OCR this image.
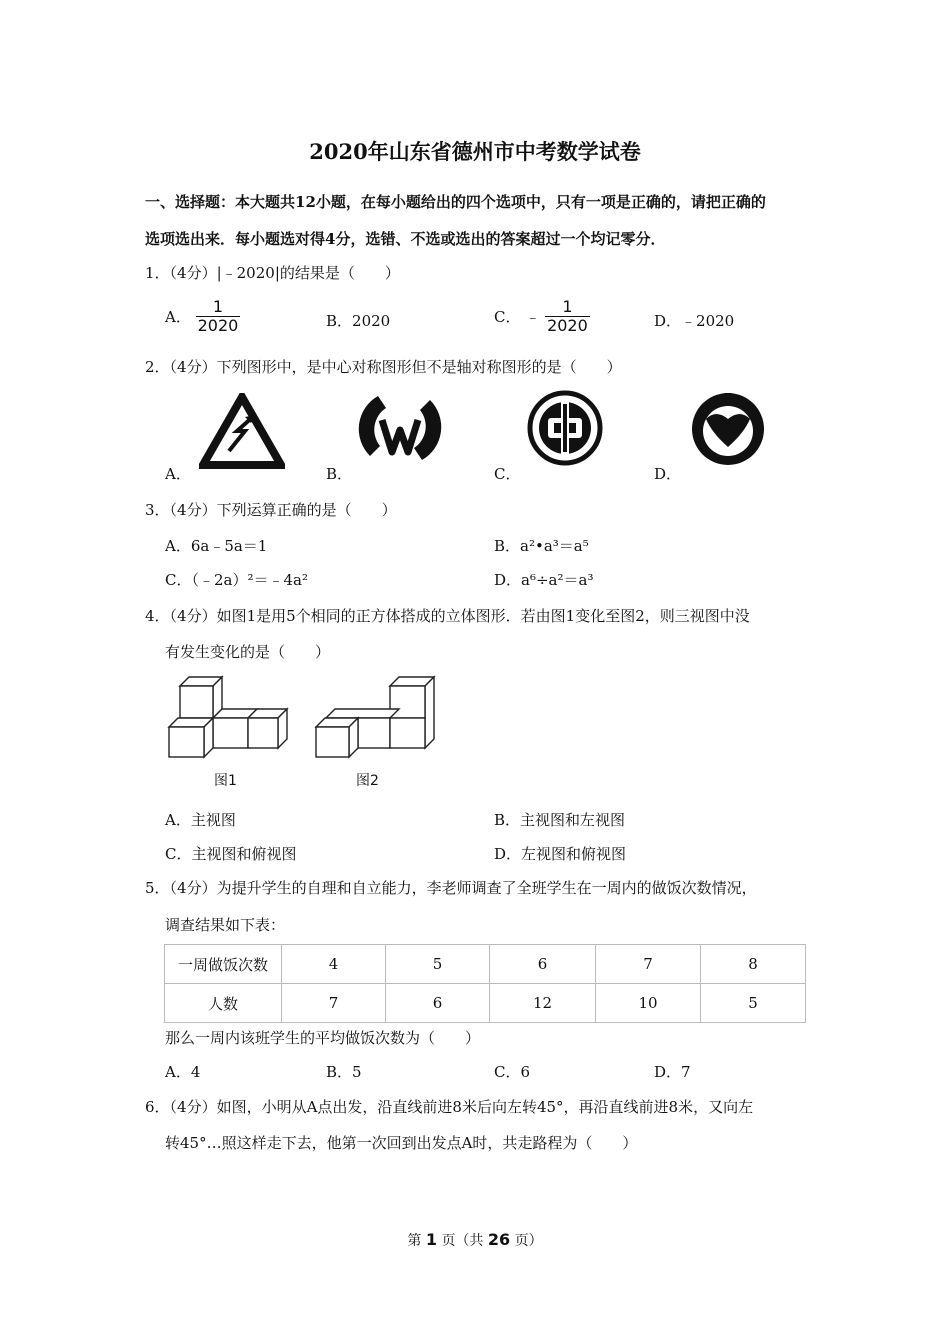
2020年山东省德州市中考数学试卷
一、选择题：本大题共12小题，在每小题给出的四个选项中，只有一项是正确的，请把正确的
选项选出来．每小题选对得4分，选错、不选或选出的答案超过一个均记零分．
1．（4分）|﹣2020|的结果是（　　）
A． $\frac{1}{2020}$	B．2020	C． ﹣ $\frac{1}{2020}$	D．﹣2020
2．（4分）下列图形中，是中心对称图形但不是轴对称图形的是（　　）
A．	B．	C．	D．
3．（4分）下列运算正确的是（　　）
A．6a﹣5a＝1	B．a²•a³＝a⁵
C．（﹣2a）²＝﹣4a²	D．a⁶÷a²＝a³
4．（4分）如图1是用5个相同的正方体搭成的立体图形．若由图1变化至图2，则三视图中没
有发生变化的是（　　）
图1	图2
A．主视图	B．主视图和左视图
C．主视图和俯视图	D．左视图和俯视图
5．（4分）为提升学生的自理和自立能力，李老师调查了全班学生在一周内的做饭次数情况，
调查结果如下表：
一周做饭次数	4	5	6	7	8
人数	7	6	12	10	5
那么一周内该班学生的平均做饭次数为（　　）
A．4	B．5	C．6	D．7
6．（4分）如图，小明从A点出发，沿直线前进8米后向左转45°，再沿直线前进8米，又向左
转45°…照这样走下去，他第一次回到出发点A时，共走路程为（　　）
第 1 页（共 26 页）
